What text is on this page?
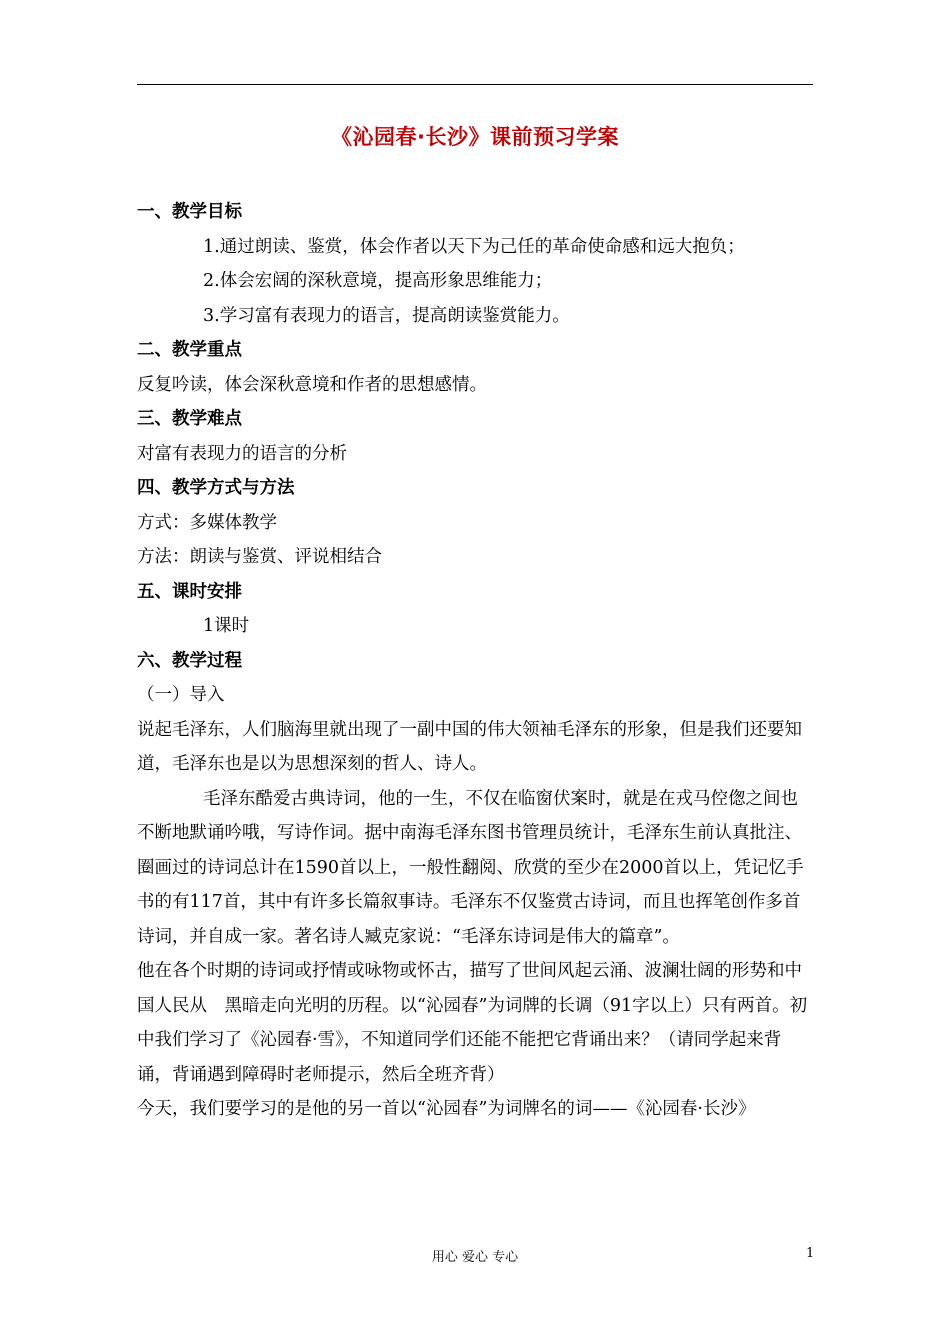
《沁园春·长沙》课前预习学案

一、教学目标

1.通过朗读、鉴赏，体会作者以天下为己任的革命使命感和远大抱负；

2.体会宏阔的深秋意境，提高形象思维能力；

3.学习富有表现力的语言，提高朗读鉴赏能力。

二、教学重点

反复吟读，体会深秋意境和作者的思想感情。

三、教学难点

对富有表现力的语言的分析

四、教学方式与方法

方式：多媒体教学

方法：朗读与鉴赏、评说相结合

五、课时安排

1课时

六、教学过程

（一）导入

说起毛泽东，人们脑海里就出现了一副中国的伟大领袖毛泽东的形象，但是我们还要知道，毛泽东也是以为思想深刻的哲人、诗人。

毛泽东酷爱古典诗词，他的一生，不仅在临窗伏案时，就是在戎马倥偬之间也不断地默诵吟哦，写诗作词。据中南海毛泽东图书管理员统计，毛泽东生前认真批注、圈画过的诗词总计在1590首以上，一般性翻阅、欣赏的至少在2000首以上，凭记忆手书的有117首，其中有许多长篇叙事诗。毛泽东不仅鉴赏古诗词，而且也挥笔创作多首诗词，并自成一家。著名诗人臧克家说：“毛泽东诗词是伟大的篇章”。

他在各个时期的诗词或抒情或咏物或怀古，描写了世间风起云涌、波澜壮阔的形势和中国人民从　黑暗走向光明的历程。以“沁园春”为词牌的长调（91字以上）只有两首。初中我们学习了《沁园春·雪》，不知道同学们还能不能把它背诵出来？（请同学起来背诵，背诵遇到障碍时老师提示，然后全班齐背）

今天，我们要学习的是他的另一首以“沁园春”为词牌名的词——《沁园春·长沙》

用心 爱心 专心	1
